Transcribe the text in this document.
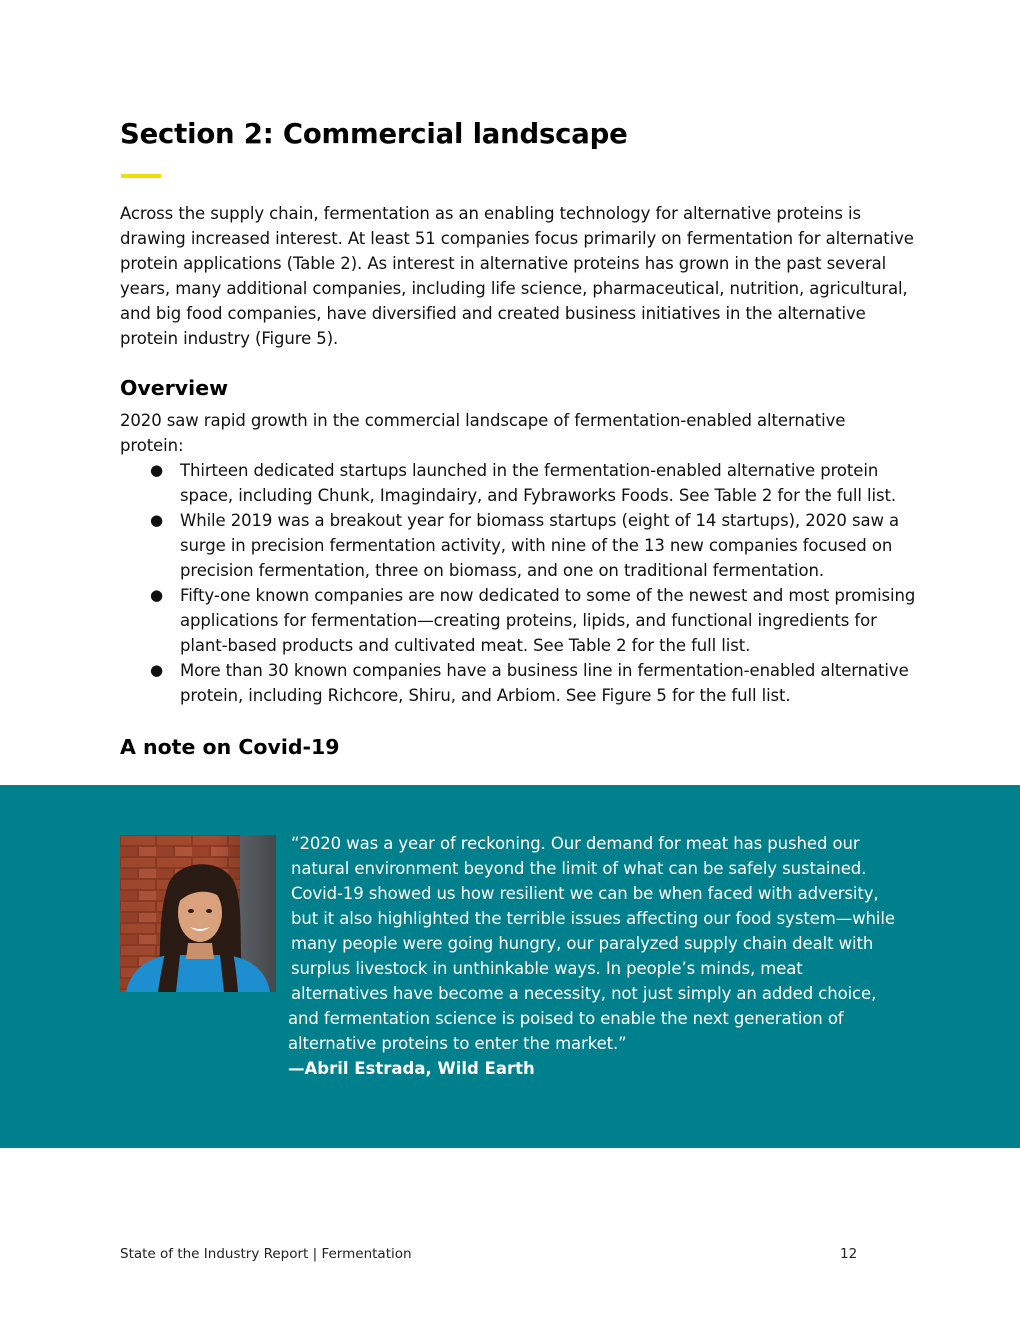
Section 2: Commercial landscape

Across the supply chain, fermentation as an enabling technology for alternative proteins is drawing increased interest. At least 51 companies focus primarily on fermentation for alternative protein applications (Table 2). As interest in alternative proteins has grown in the past several years, many additional companies, including life science, pharmaceutical, nutrition, agricultural, and big food companies, have diversified and created business initiatives in the alternative protein industry (Figure 5).

Overview

2020 saw rapid growth in the commercial landscape of fermentation-enabled alternative protein:

● Thirteen dedicated startups launched in the fermentation-enabled alternative protein space, including Chunk, Imagindairy, and Fybraworks Foods. See Table 2 for the full list.
● While 2019 was a breakout year for biomass startups (eight of 14 startups), 2020 saw a surge in precision fermentation activity, with nine of the 13 new companies focused on precision fermentation, three on biomass, and one on traditional fermentation.
● Fifty-one known companies are now dedicated to some of the newest and most promising applications for fermentation—creating proteins, lipids, and functional ingredients for plant-based products and cultivated meat. See Table 2 for the full list.
● More than 30 known companies have a business line in fermentation-enabled alternative protein, including Richcore, Shiru, and Arbiom. See Figure 5 for the full list.
A note on Covid-19

“2020 was a year of reckoning. Our demand for meat has pushed our
natural environment beyond the limit of what can be safely sustained.
Covid-19 showed us how resilient we can be when faced with adversity,
but it also highlighted the terrible issues affecting our food system—while
many people were going hungry, our paralyzed supply chain dealt with
surplus livestock in unthinkable ways. In people’s minds, meat
alternatives have become a necessity, not just simply an added choice,
and fermentation science is poised to enable the next generation of
alternative proteins to enter the market.”

—Abril Estrada, Wild Earth

State of the Industry Report | Fermentation	12
